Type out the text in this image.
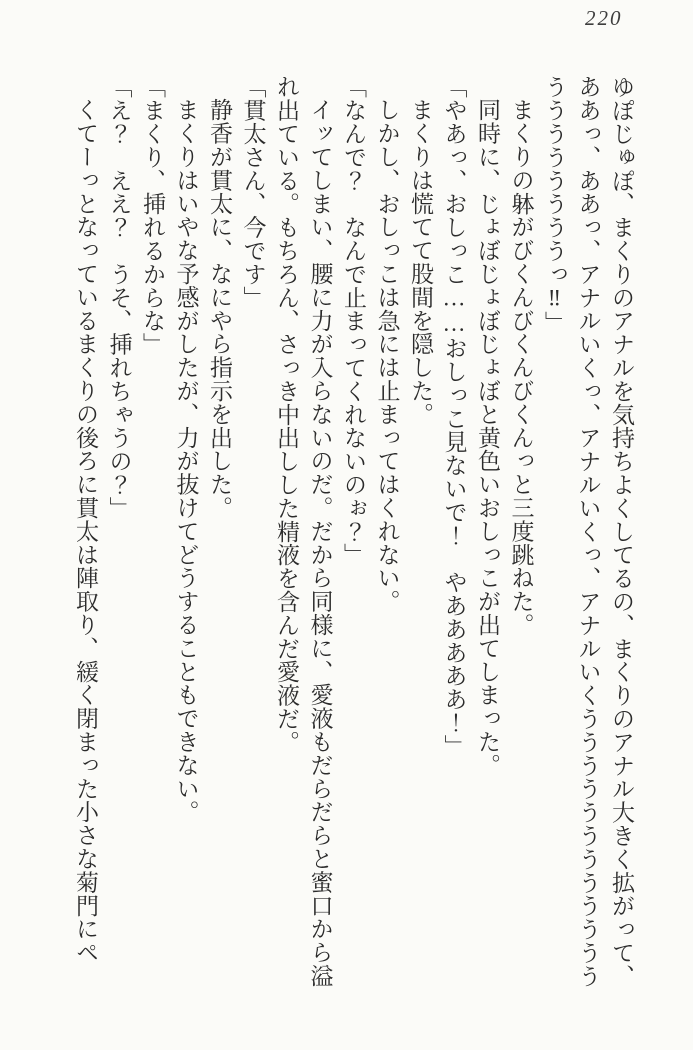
220

ゆぽじゅぽ、まくりのアナルを気持ちよくしてるの、まくりのアナル大きく拡がって、ああっ、ああっ、アナルいくっ、アナルいくっ、アナルいくううううううううううううううううううううっ‼」

まくりの躰がびくんびくんびくんっと三度跳ねた。

同時に、じょぼじょぼじょぼと黄色いおしっこが出てしまった。

「やあっ、おしっこ……おしっこ見ないで！　やあああああ！」

まくりは慌てて股間を隠した。

しかし、おしっこは急には止まってはくれない。

「なんで？　なんで止まってくれないのぉ？」

イッてしまい、腰に力が入らないのだ。だから同様に、愛液もだらだらと蜜口から溢れ出ている。もちろん、さっき中出しした精液を含んだ愛液だ。

「貫太さん、今です」

静香が貫太に、なにやら指示を出した。

まくりはいやな予感がしたが、力が抜けてどうすることもできない。

「まくり、挿れるからな」

「え？　ええ？　うそ、挿れちゃうの？」

くてーっとなっているまくりの後ろに貫太は陣取り、緩く閉まった小さな菊門にペ
